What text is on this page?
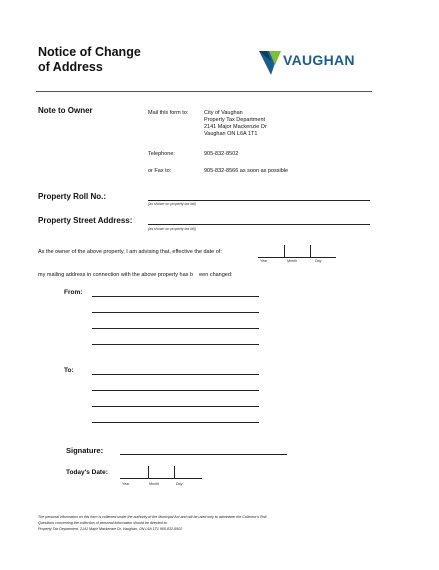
Notice of Change
of Address	VAUGHAN
Note to Owner	Mail this form to:	City of Vaughan
Property Tax Department
2141 Major Mackenzie Dr
Vaughan ON L6A 1T1
Telephone:	905-832-8502
or Fax to:	905-832-8566 as soon as possible
Property Roll No.:
(as shown on property tax bill)
Property Street Address:
(as shown on property tax bill)
As the owner of the above property, I am advising that, effective the date of:
Year	Month	Day
my mailing address in connection with the above property has b    een changed:
From:
To:
Signature:
Today's Date:
Year	Month	Day
The personal information on this form is collected under the authority of the Municipal Act and will be used only to administer the Collector's Roll.
Questions concerning the collection of personal information should be directed to:
Property Tax Department, 2141 Major Mackenzie Dr, Vaughan, ON L6A 1T1 905-832-8502
